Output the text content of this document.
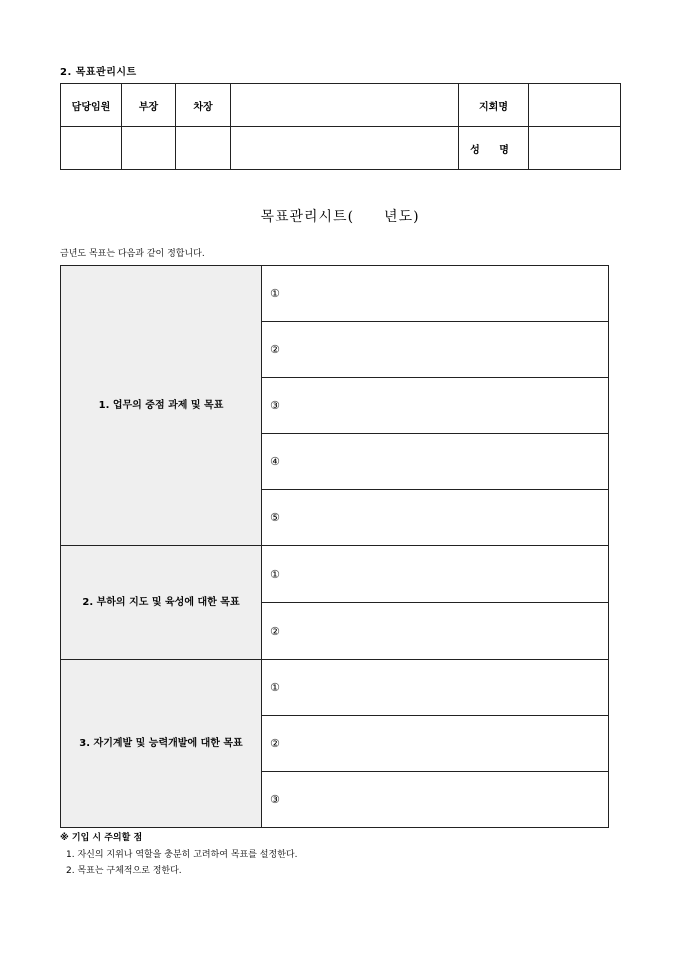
2. 목표관리시트
담당임원	부장	차장		지회명	
				성 명	
목표관리시트(　　년도)
금년도 목표는 다음과 같이 정합니다.
1. 업무의 중점 과제 및 목표	①
	②
	③
	④
	⑤
2. 부하의 지도 및 육성에 대한 목표	①
	②
3. 자기계발 및 능력개발에 대한 목표	①
	②
	③
※ 기입 시 주의할 점
1. 자신의 지위나 역할을 충분히 고려하여 목표를 설정한다.
2. 목표는 구체적으로 정한다.
